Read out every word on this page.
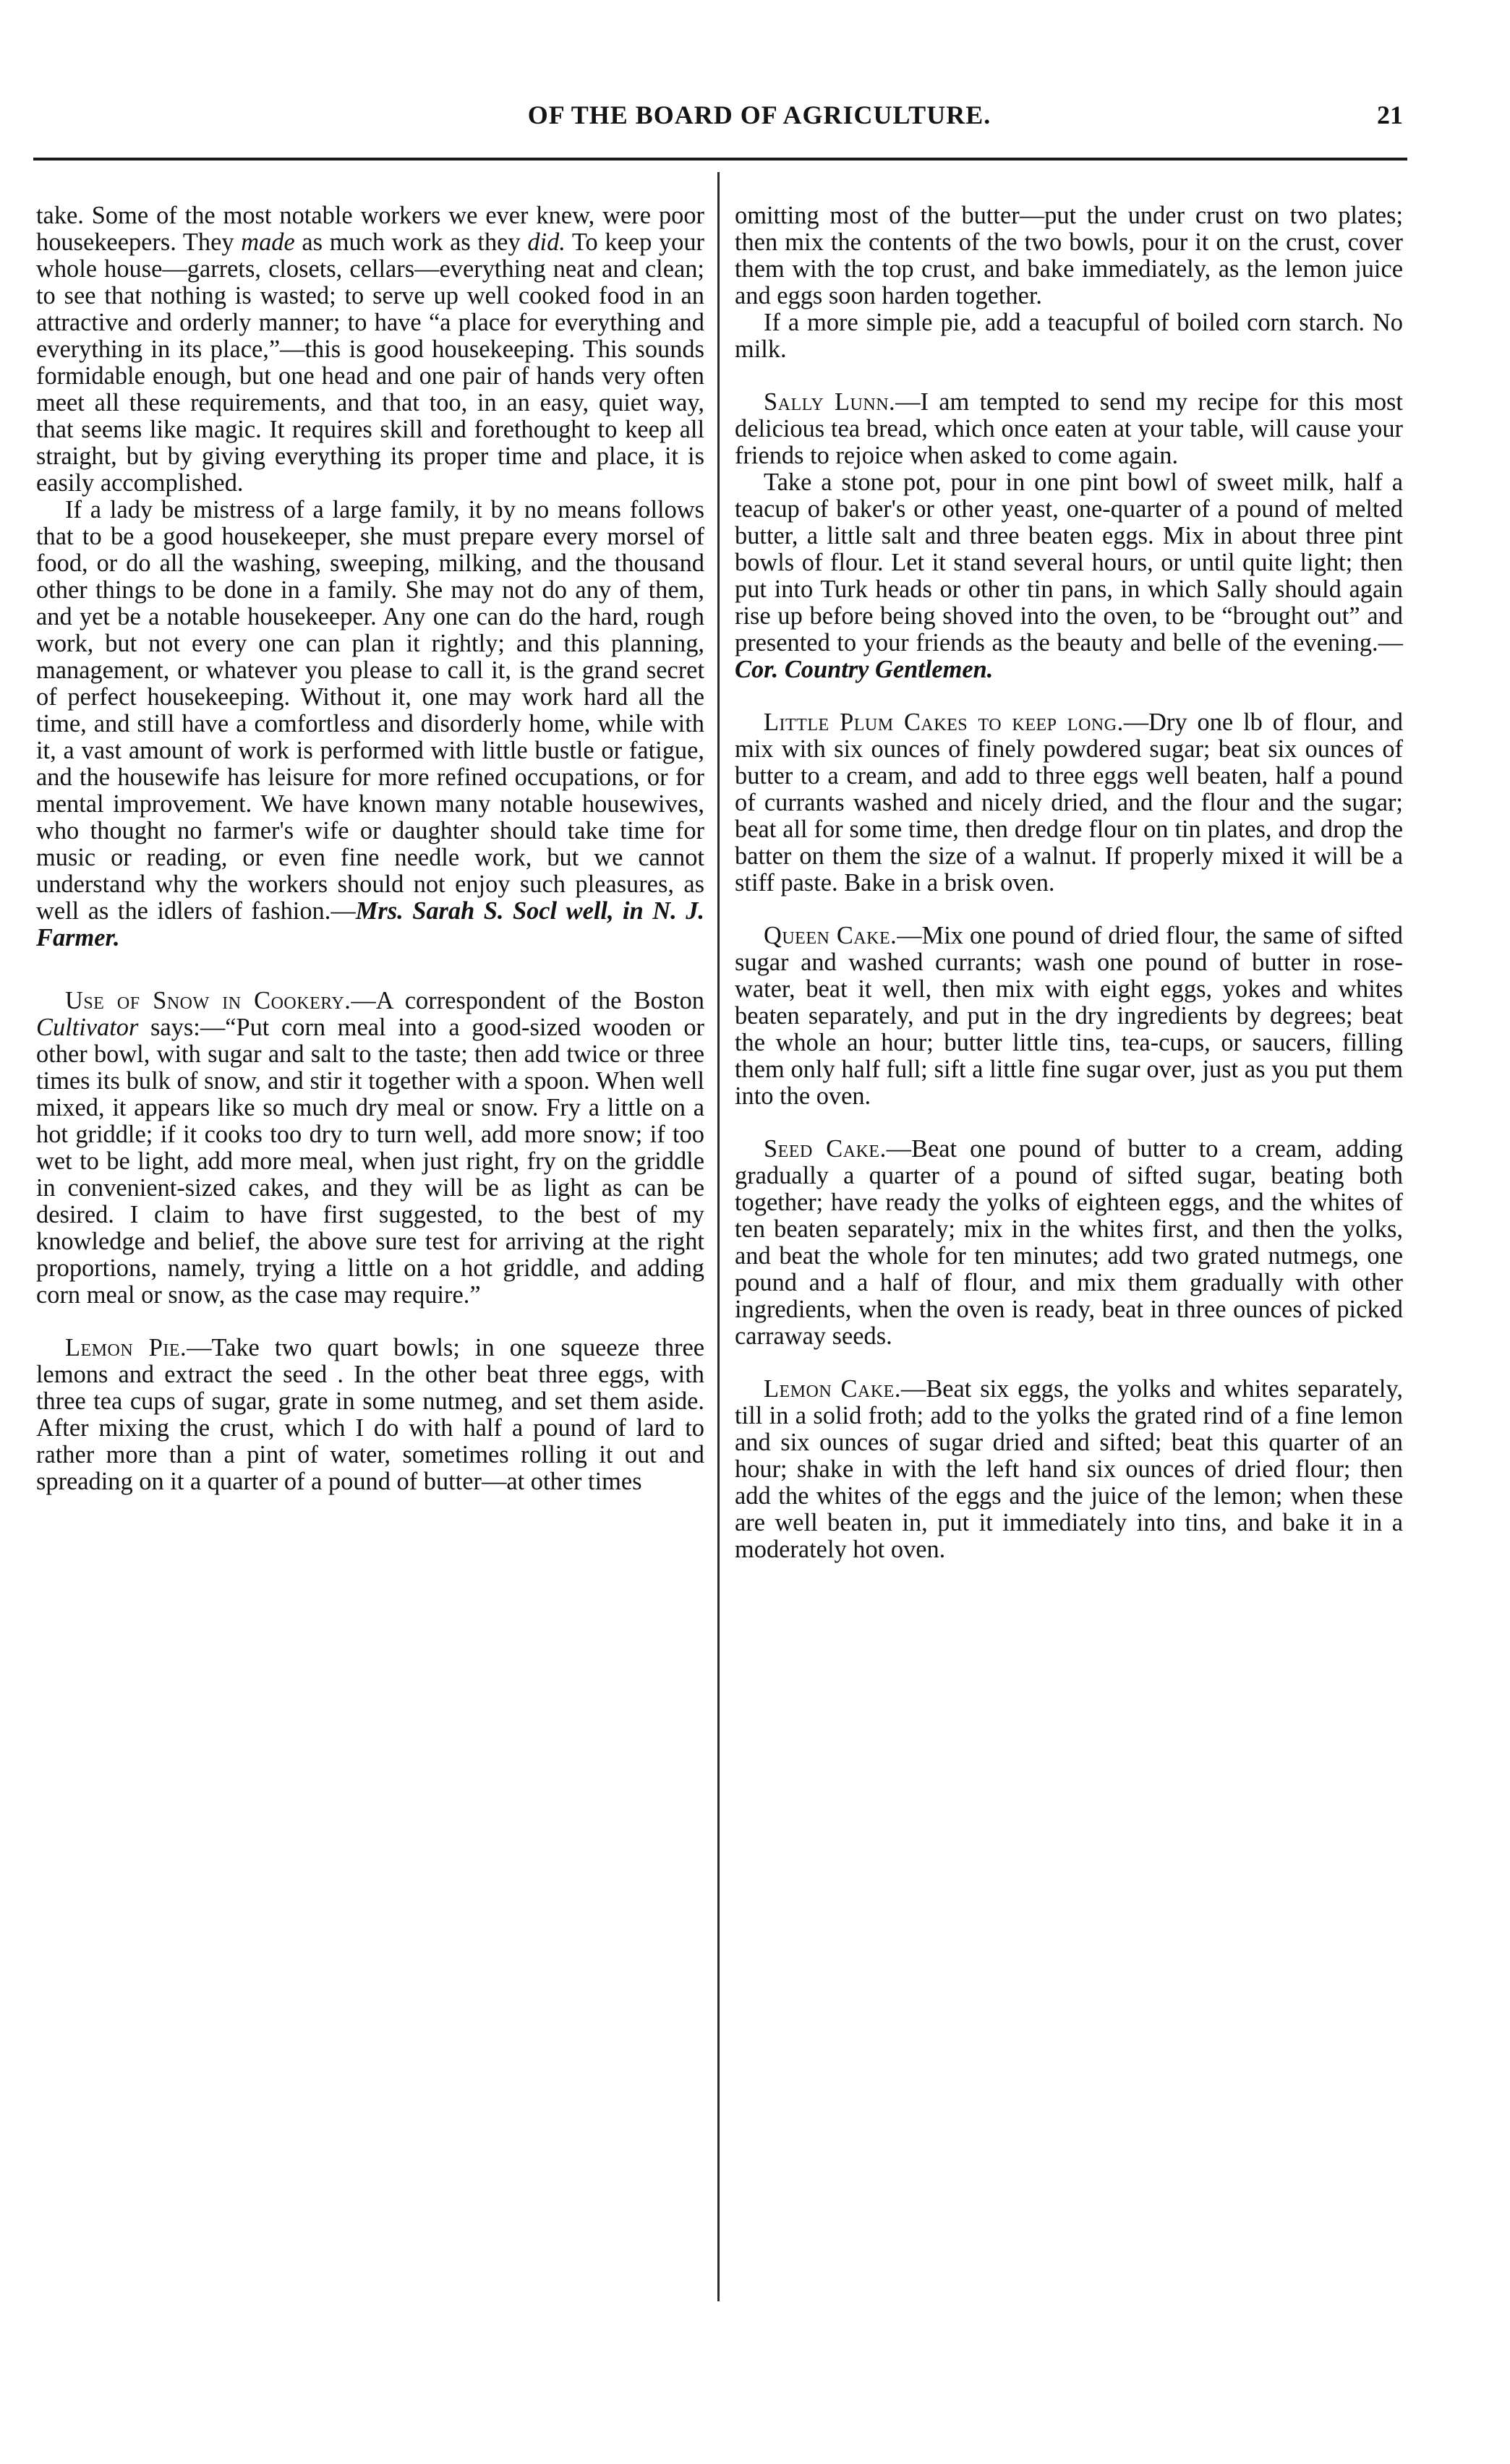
OF THE BOARD OF AGRICULTURE.	21

take. Some of the most notable workers we ever knew, were poor housekeepers. They made as much work as they did. To keep your whole house—garrets, closets, cellars—everything neat and clean; to see that nothing is wasted; to serve up well cooked food in an attractive and orderly manner; to have “a place for everything and everything in its place,”—this is good housekeeping. This sounds formidable enough, but one head and one pair of hands very often meet all these requirements, and that too, in an easy, quiet way, that seems like magic. It requires skill and forethought to keep all straight, but by giving everything its proper time and place, it is easily accomplished.

If a lady be mistress of a large family, it by no means follows that to be a good housekeeper, she must prepare every morsel of food, or do all the washing, sweeping, milking, and the thousand other things to be done in a family. She may not do any of them, and yet be a notable housekeeper. Any one can do the hard, rough work, but not every one can plan it rightly; and this planning, management, or whatever you please to call it, is the grand secret of perfect housekeeping. Without it, one may work hard all the time, and still have a comfortless and disorderly home, while with it, a vast amount of work is performed with little bustle or fatigue, and the housewife has leisure for more refined occupations, or for mental improvement. We have known many notable housewives, who thought no farmer's wife or daughter should take time for music or reading, or even fine needle work, but we cannot understand why the workers should not enjoy such pleasures, as well as the idlers of fashion.—Mrs. Sarah S. Socl well, in N. J. Farmer.

Use of Snow in Cookery.—A correspondent of the Boston Cultivator says:—“Put corn meal into a good-sized wooden or other bowl, with sugar and salt to the taste; then add twice or three times its bulk of snow, and stir it together with a spoon. When well mixed, it appears like so much dry meal or snow. Fry a little on a hot griddle; if it cooks too dry to turn well, add more snow; if too wet to be light, add more meal, when just right, fry on the griddle in convenient-sized cakes, and they will be as light as can be desired. I claim to have first suggested, to the best of my knowledge and belief, the above sure test for arriving at the right proportions, namely, trying a little on a hot griddle, and adding corn meal or snow, as the case may require.”

Lemon Pie.—Take two quart bowls; in one squeeze three lemons and extract the seed . In the other beat three eggs, with three tea cups of sugar, grate in some nutmeg, and set them aside. After mixing the crust, which I do with half a pound of lard to rather more than a pint of water, sometimes rolling it out and spreading on it a quarter of a pound of butter—at other times

omitting most of the butter—put the under crust on two plates; then mix the contents of the two bowls, pour it on the crust, cover them with the top crust, and bake immediately, as the lemon juice and eggs soon harden together.

If a more simple pie, add a teacupful of boiled corn starch. No milk.

Sally Lunn.—I am tempted to send my recipe for this most delicious tea bread, which once eaten at your table, will cause your friends to rejoice when asked to come again.

Take a stone pot, pour in one pint bowl of sweet milk, half a teacup of baker's or other yeast, one-quarter of a pound of melted butter, a little salt and three beaten eggs. Mix in about three pint bowls of flour. Let it stand several hours, or until quite light; then put into Turk heads or other tin pans, in which Sally should again rise up before being shoved into the oven, to be “brought out” and presented to your friends as the beauty and belle of the evening.—Cor. Country Gentlemen.

Little Plum Cakes to keep long.—Dry one lb of flour, and mix with six ounces of finely powdered sugar; beat six ounces of butter to a cream, and add to three eggs well beaten, half a pound of currants washed and nicely dried, and the flour and the sugar; beat all for some time, then dredge flour on tin plates, and drop the batter on them the size of a walnut. If properly mixed it will be a stiff paste. Bake in a brisk oven.

Queen Cake.—Mix one pound of dried flour, the same of sifted sugar and washed currants; wash one pound of butter in rose-water, beat it well, then mix with eight eggs, yokes and whites beaten separately, and put in the dry ingredients by degrees; beat the whole an hour; butter little tins, tea-cups, or saucers, filling them only half full; sift a little fine sugar over, just as you put them into the oven.

Seed Cake.—Beat one pound of butter to a cream, adding gradually a quarter of a pound of sifted sugar, beating both together; have ready the yolks of eighteen eggs, and the whites of ten beaten separately; mix in the whites first, and then the yolks, and beat the whole for ten minutes; add two grated nutmegs, one pound and a half of flour, and mix them gradually with other ingredients, when the oven is ready, beat in three ounces of picked carraway seeds.

Lemon Cake.—Beat six eggs, the yolks and whites separately, till in a solid froth; add to the yolks the grated rind of a fine lemon and six ounces of sugar dried and sifted; beat this quarter of an hour; shake in with the left hand six ounces of dried flour; then add the whites of the eggs and the juice of the lemon; when these are well beaten in, put it immediately into tins, and bake it in a moderately hot oven.
